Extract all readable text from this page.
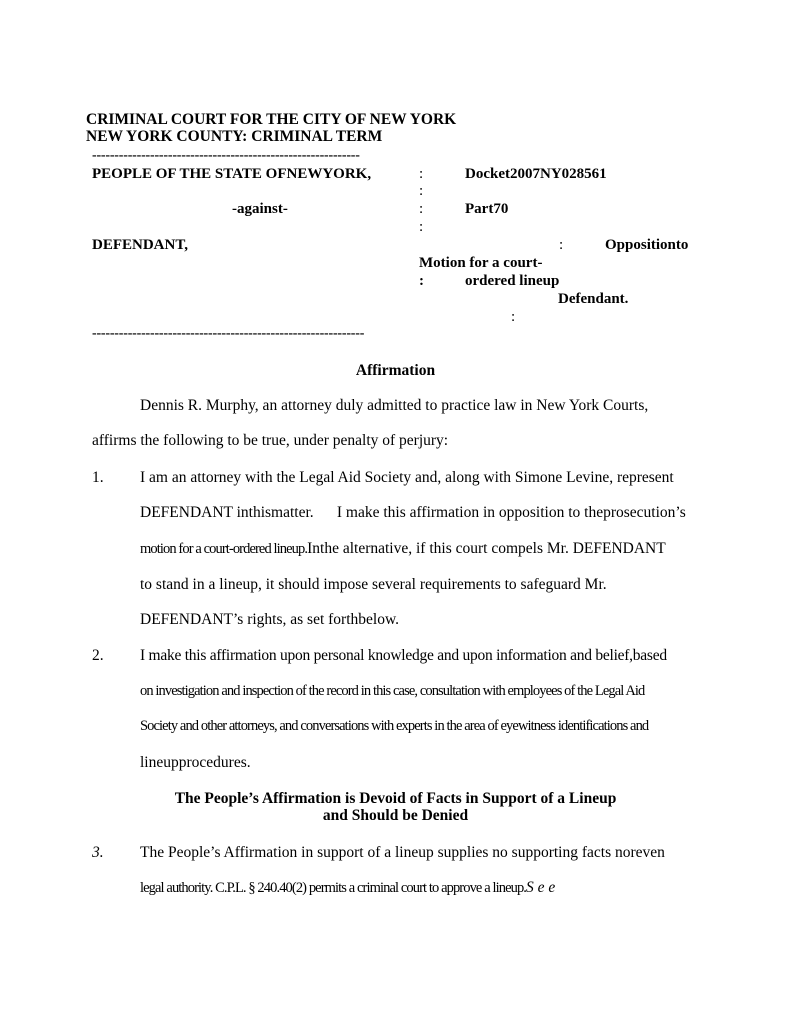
CRIMINAL COURT FOR THE CITY OF NEW YORK
NEW YORK COUNTY: CRIMINAL TERM
------------------------------------------------------------
PEOPLE OF THE STATE OFNEWYORK,
-against-
DEFENDANT,
:
:
:
:
:
:
:
Docket2007NY028561
Part70
Oppositionto
Motion for a court-
ordered lineup
Defendant.
-------------------------------------------------------------
Affirmation
Dennis R. Murphy, an attorney duly admitted to practice law in New York Courts,
affirms the following to be true, under penalty of perjury:
1. I am an attorney with the Legal Aid Society and, along with Simone Levine, represent
DEFENDANT inthismatter.      I make this affirmation in opposition to theprosecution’s
motion for a court-ordered lineup.Inthe alternative, if this court compels Mr. DEFENDANT
to stand in a lineup, it should impose several requirements to safeguard Mr.
DEFENDANT’s rights, as set forthbelow.
2. I make this affirmation upon personal knowledge and upon information and belief,based
on investigation and inspection of the record in this case, consultation with employees of the Legal Aid
Society and other attorneys, and conversations with experts in the area of eyewitness identifications and
lineupprocedures.
The People’s Affirmation is Devoid of Facts in Support of a Lineup
and Should be Denied
3. The People’s Affirmation in support of a lineup supplies no supporting facts noreven
legal authority. C.P.L. § 240.40(2) permits a criminal court to approve a lineup.S e e
